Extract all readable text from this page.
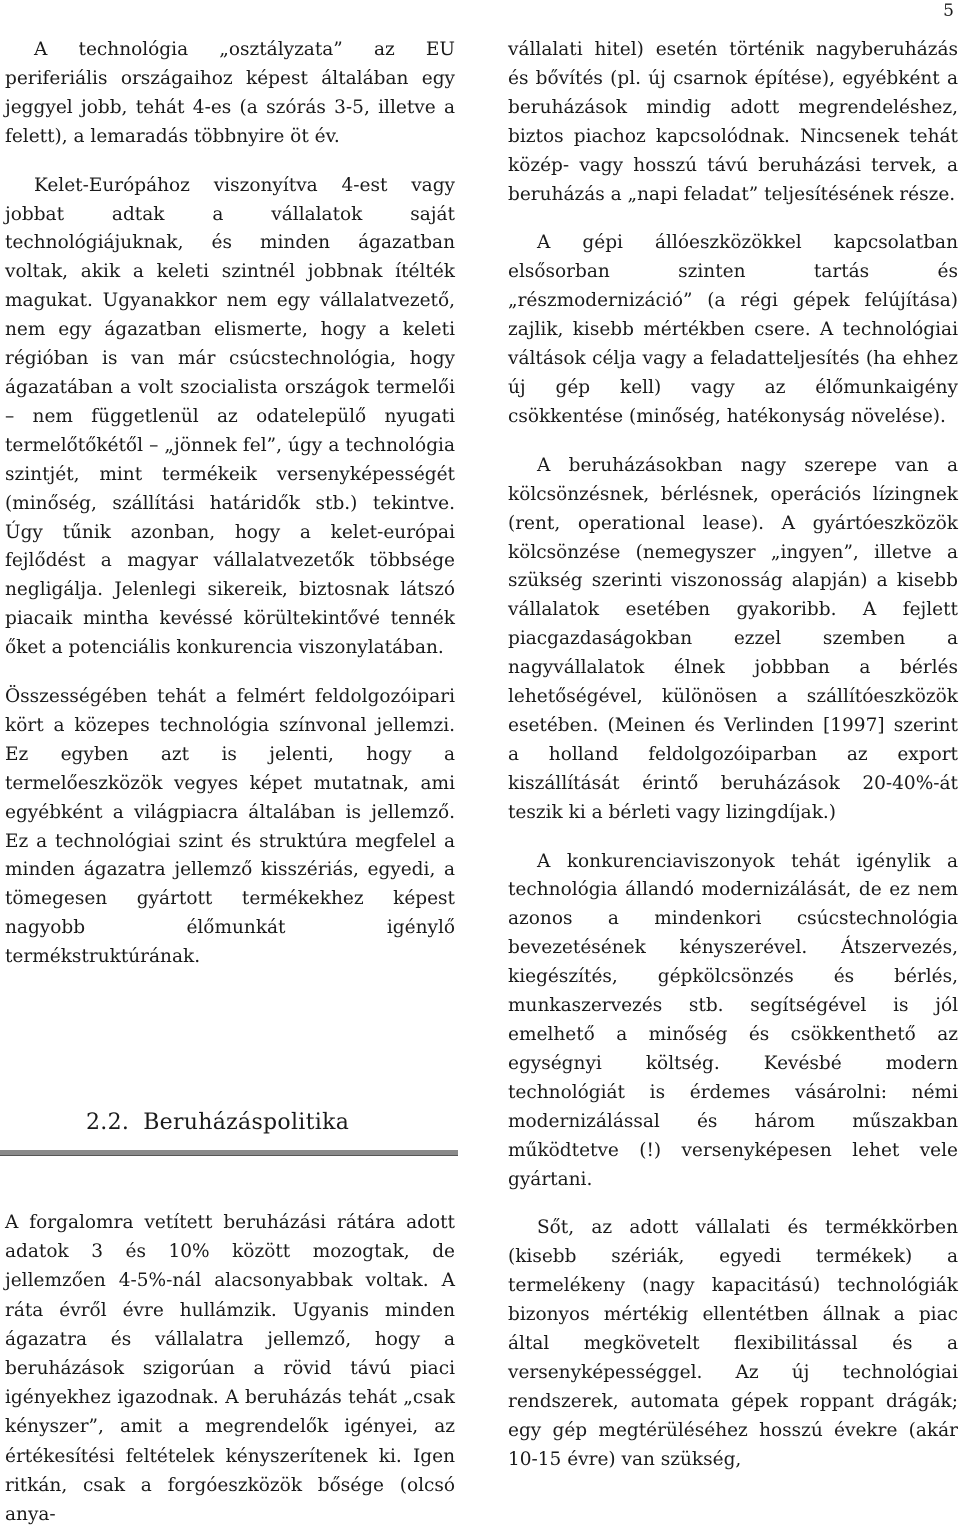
5

A technológia „osztályzata” az EU periferiális országaihoz képest általában egy jeggyel jobb, tehát 4-es (a szórás 3-5, illetve a felett), a lemaradás többnyire öt év.

Kelet-Európához viszonyítva 4-est vagy jobbat adtak a vállalatok saját technológiájuknak, és minden ágazatban voltak, akik a keleti szintnél jobbnak ítélték magukat. Ugyanakkor nem egy vállalatvezető, nem egy ágazatban elismerte, hogy a keleti régióban is van már csúcstechnológia, hogy ágazatában a volt szocialista országok termelői – nem függetlenül az odatelepülő nyugati termelőtőkétől – „jönnek fel”, úgy a technológia szintjét, mint termékeik versenyképességét (minőség, szállítási határidők stb.) tekintve. Úgy tűnik azonban, hogy a kelet-európai fejlődést a magyar vállalatvezetők többsége negligálja. Jelenlegi sikereik, biztosnak látszó piacaik mintha kevéssé körültekintővé tennék őket a potenciális konkurencia viszonylatában.

Összességében tehát a felmért feldolgozóipari kört a közepes technológia színvonal jellemzi. Ez egyben azt is jelenti, hogy a termelőeszközök vegyes képet mutatnak, ami egyébként a világpiacra általában is jellemző. Ez a technológiai szint és struktúra megfelel a minden ágazatra jellemző kisszériás, egyedi, a tömegesen gyártott termékekhez képest nagyobb élőmunkát igénylő termékstruktúrának.

2.2. Beruházáspolitika

A forgalomra vetített beruházási rátára adott adatok 3 és 10% között mozogtak, de jellemzően 4-5%-nál alacsonyabbak voltak. A ráta évről évre hullámzik. Ugyanis minden ágazatra és vállalatra jellemző, hogy a beruházások szigorúan a rövid távú piaci igényekhez igazodnak. A beruházás tehát „csak kényszer”, amit a megrendelők igényei, az értékesítési feltételek kényszerítenek ki. Igen ritkán, csak a forgóeszközök bősége (olcsó anya-

vállalati hitel) esetén történik nagyberuházás és bővítés (pl. új csarnok építése), egyébként a beruházások mindig adott megrendeléshez, biztos piachoz kapcsolódnak. Nincsenek tehát közép- vagy hosszú távú beruházási tervek, a beruházás a „napi feladat” teljesítésének része.

A gépi állóeszközökkel kapcsolatban elsősorban szinten tartás és „részmodernizáció” (a régi gépek felújítása) zajlik, kisebb mértékben csere. A technológiai váltások célja vagy a feladatteljesítés (ha ehhez új gép kell) vagy az élőmunkaigény csökkentése (minőség, hatékonyság növelése).

A beruházásokban nagy szerepe van a kölcsönzésnek, bérlésnek, operációs lízingnek (rent, operational lease). A gyártóeszközök kölcsönzése (nemegyszer „ingyen”, illetve a szükség szerinti viszonosság alapján) a kisebb vállalatok esetében gyakoribb. A fejlett piacgazdaságokban ezzel szemben a nagyvállalatok élnek jobbban a bérlés lehetőségével, különösen a szállítóeszközök esetében. (Meinen és Verlinden [1997] szerint a holland feldolgozóiparban az export kiszállítását érintő beruházások 20-40%-át teszik ki a bérleti vagy lizingdíjak.)

A konkurenciaviszonyok tehát igénylik a technológia állandó modernizálását, de ez nem azonos a mindenkori csúcstechnológia bevezetésének kényszerével. Átszervezés, kiegészítés, gépkölcsönzés és bérlés, munkaszervezés stb. segítségével is jól emelhető a minőség és csökkenthető az egységnyi költség. Kevésbé modern technológiát is érdemes vásárolni: némi modernizálással és három műszakban működtetve (!) versenyképesen lehet vele gyártani.

Sőt, az adott vállalati és termékkörben (kisebb szériák, egyedi termékek) a termelékeny (nagy kapacitású) technológiák bizonyos mértékig ellentétben állnak a piac által megkövetelt flexibilitással és a versenyképességgel. Az új technológiai rendszerek, automata gépek roppant drágák; egy gép megtérüléséhez hosszú évekre (akár 10-15 évre) van szükség,
